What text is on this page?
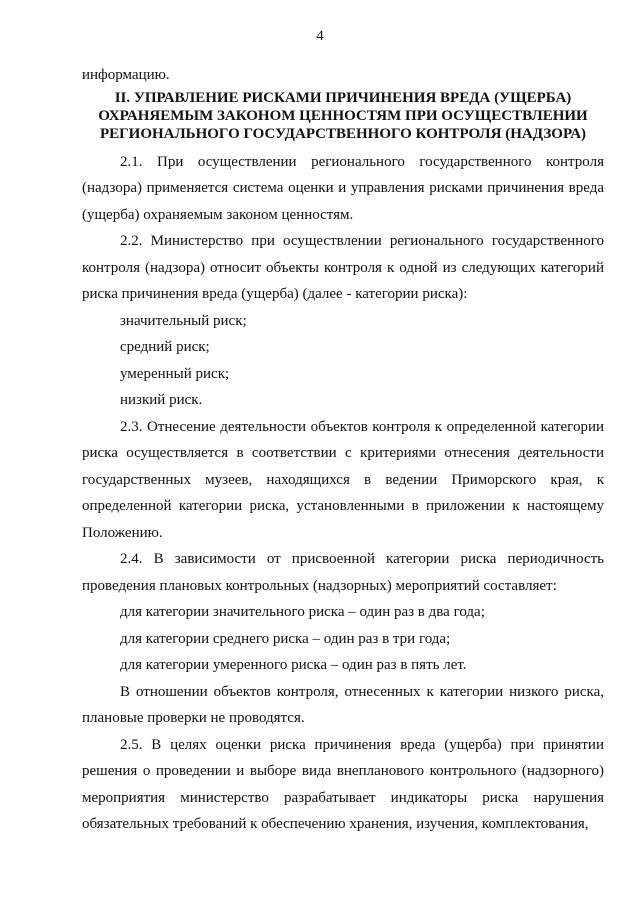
4

информацию.

II. УПРАВЛЕНИЕ РИСКАМИ ПРИЧИНЕНИЯ ВРЕДА (УЩЕРБА) ОХРАНЯЕМЫМ ЗАКОНОМ ЦЕННОСТЯМ ПРИ ОСУЩЕСТВЛЕНИИ РЕГИОНАЛЬНОГО ГОСУДАРСТВЕННОГО КОНТРОЛЯ (НАДЗОРА)

2.1. При осуществлении регионального государственного контроля (надзора) применяется система оценки и управления рисками причинения вреда (ущерба) охраняемым законом ценностям.

2.2. Министерство при осуществлении регионального государственного контроля (надзора) относит объекты контроля к одной из следующих категорий риска причинения вреда (ущерба) (далее - категории риска):

значительный риск;

средний риск;

умеренный риск;

низкий риск.

2.3. Отнесение деятельности объектов контроля к определенной категории риска осуществляется в соответствии с критериями отнесения деятельности государственных музеев, находящихся в ведении Приморского края, к определенной категории риска, установленными в приложении к настоящему Положению.

2.4. В зависимости от присвоенной категории риска периодичность проведения плановых контрольных (надзорных) мероприятий составляет:

для категории значительного риска – один раз в два года;

для категории среднего риска – один раз в три года;

для категории умеренного риска – один раз в пять лет.

В отношении объектов контроля, отнесенных к категории низкого риска, плановые проверки не проводятся.

2.5. В целях оценки риска причинения вреда (ущерба) при принятии решения о проведении и выборе вида внепланового контрольного (надзорного) мероприятия министерство разрабатывает индикаторы риска нарушения обязательных требований к обеспечению хранения, изучения, комплектования,
